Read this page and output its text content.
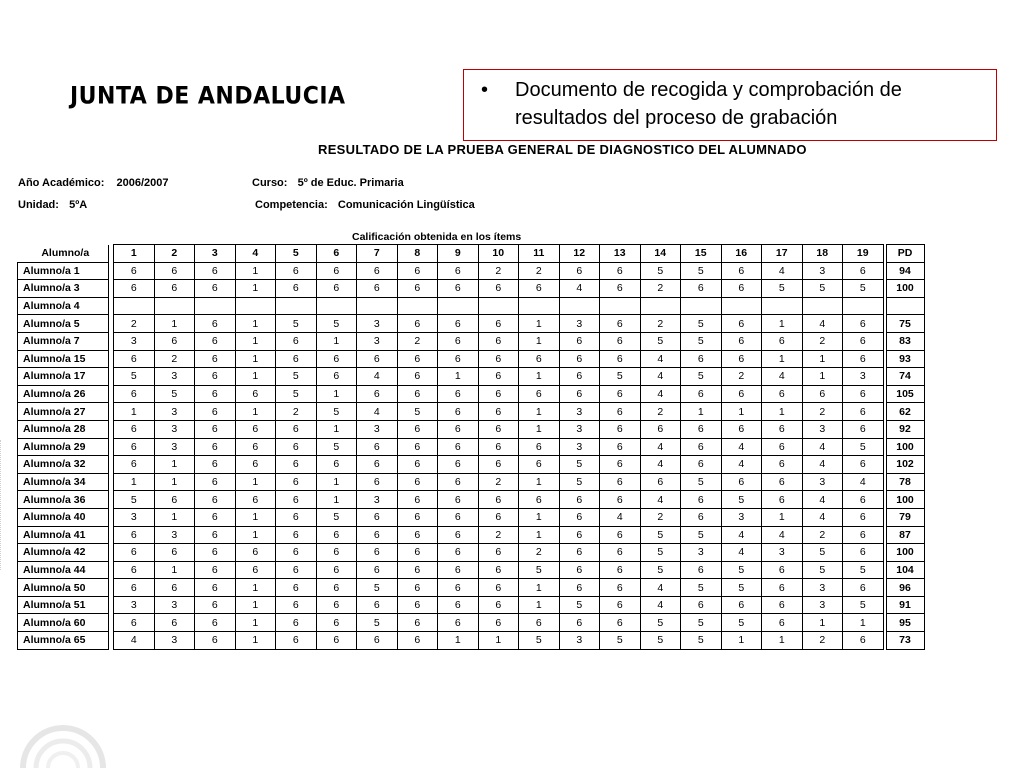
JUNTA DE ANDALUCIA	• Documento de recogida y comprobación de resultados del proceso de grabación
RESULTADO DE LA PRUEBA GENERAL DE DIAGNOSTICO DEL ALUMNADO
Año Académico: 2006/2007	Curso: 5º de Educ. Primaria
Unidad: 5ºA	Competencia: Comunicación Lingüística
Calificación obtenida en los ítems
Alumno/a		1	2	3	4	5	6	7	8	9	10	11	12	13	14	15	16	17	18	19		PD
Alumno/a 1		6	6	6	1	6	6	6	6	6	2	2	6	6	5	5	6	4	3	6		94
Alumno/a 3		6	6	6	1	6	6	6	6	6	6	6	4	6	2	6	6	5	5	5		100
Alumno/a 4																						
Alumno/a 5		2	1	6	1	5	5	3	6	6	6	1	3	6	2	5	6	1	4	6		75
Alumno/a 7		3	6	6	1	6	1	3	2	6	6	1	6	6	5	5	6	6	2	6		83
Alumno/a 15		6	2	6	1	6	6	6	6	6	6	6	6	6	4	6	6	1	1	6		93
Alumno/a 17		5	3	6	1	5	6	4	6	1	6	1	6	5	4	5	2	4	1	3		74
Alumno/a 26		6	5	6	6	5	1	6	6	6	6	6	6	6	4	6	6	6	6	6		105
Alumno/a 27		1	3	6	1	2	5	4	5	6	6	1	3	6	2	1	1	1	2	6		62
Alumno/a 28		6	3	6	6	6	1	3	6	6	6	1	3	6	6	6	6	6	3	6		92
Alumno/a 29		6	3	6	6	6	5	6	6	6	6	6	3	6	4	6	4	6	4	5		100
Alumno/a 32		6	1	6	6	6	6	6	6	6	6	6	5	6	4	6	4	6	4	6		102
Alumno/a 34		1	1	6	1	6	1	6	6	6	2	1	5	6	6	5	6	6	3	4		78
Alumno/a 36		5	6	6	6	6	1	3	6	6	6	6	6	6	4	6	5	6	4	6		100
Alumno/a 40		3	1	6	1	6	5	6	6	6	6	1	6	4	2	6	3	1	4	6		79
Alumno/a 41		6	3	6	1	6	6	6	6	6	2	1	6	6	5	5	4	4	2	6		87
Alumno/a 42		6	6	6	6	6	6	6	6	6	6	2	6	6	5	3	4	3	5	6		100
Alumno/a 44		6	1	6	6	6	6	6	6	6	6	5	6	6	5	6	5	6	5	5		104
Alumno/a 50		6	6	6	1	6	6	5	6	6	6	1	6	6	4	5	5	6	3	6		96
Alumno/a 51		3	3	6	1	6	6	6	6	6	6	1	5	6	4	6	6	6	3	5		91
Alumno/a 60		6	6	6	1	6	6	5	6	6	6	6	6	6	5	5	5	6	1	1		95
Alumno/a 65		4	3	6	1	6	6	6	6	1	1	5	3	5	5	5	1	1	2	6		73
